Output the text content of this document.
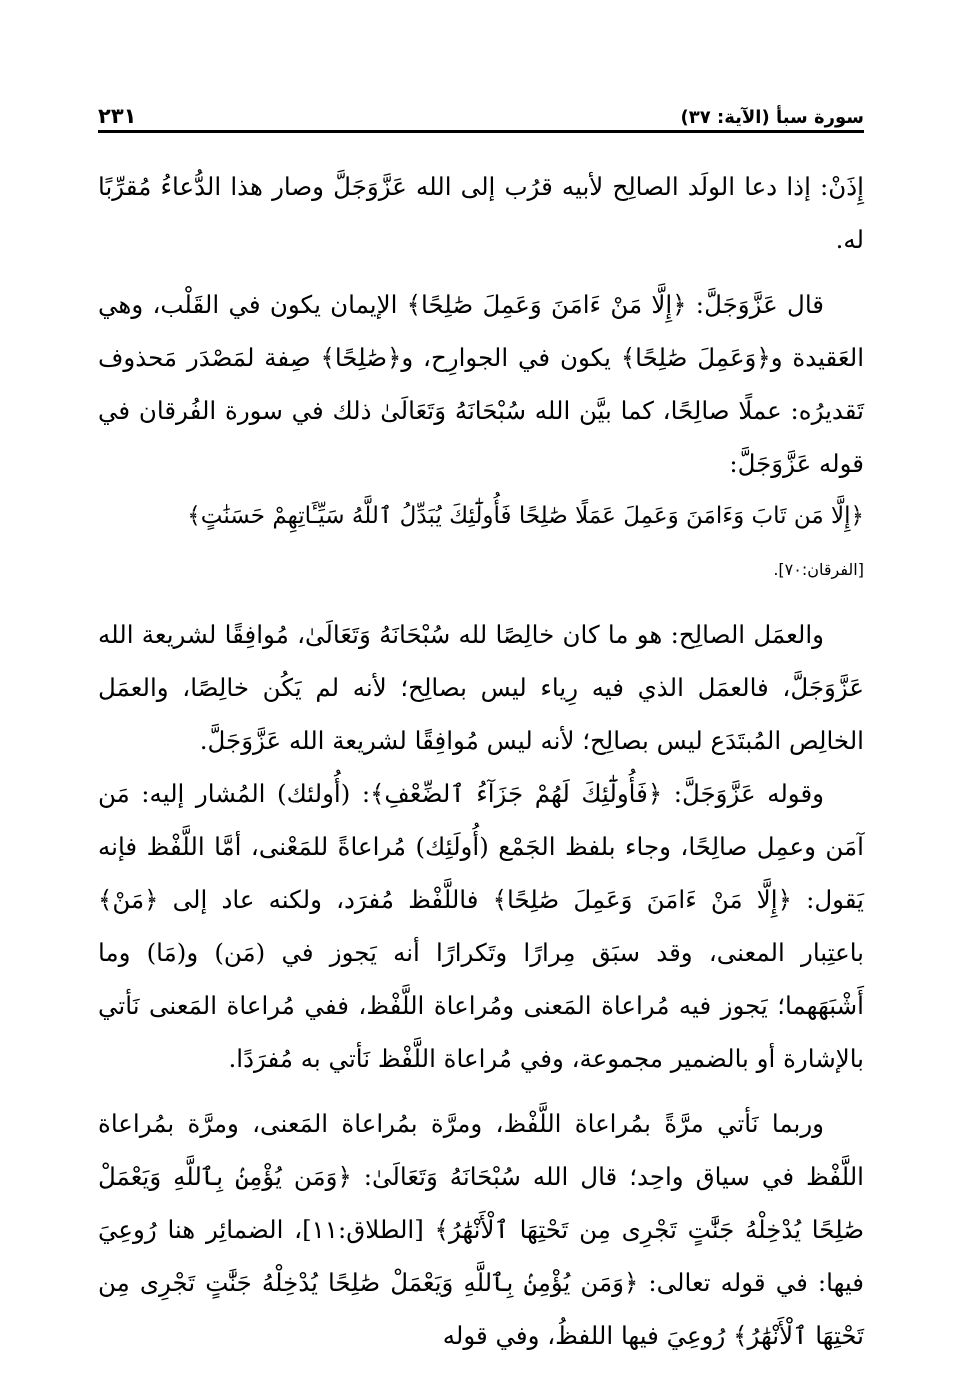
سورة سبأ (الآية: ٣٧)
٢٣١

إِذَنْ: إذا دعا الولَد الصالِح لأبيه قرُب إلى الله عَزَّوَجَلَّ وصار هذا الدُّعاءُ مُقرِّبًا له.

قال عَزَّوَجَلَّ: ﴿إِلَّا مَنْ ءَامَنَ وَعَمِلَ صَٰلِحًا﴾ الإيمان يكون في القَلْب، وهي العَقيدة و﴿وَعَمِلَ صَٰلِحًا﴾ يكون في الجوارِح، و﴿صَٰلِحًا﴾ صِفة لمَصْدَر مَحذوف تَقديرُه: عملًا صالِحًا، كما بيَّن الله سُبْحَانَهُ وَتَعَالَىٰ ذلك في سورة الفُرقان في قوله عَزَّوَجَلَّ:

﴿إِلَّا مَن تَابَ وَءَامَنَ وَعَمِلَ عَمَلًا صَٰلِحًا فَأُولَٰٓئِكَ يُبَدِّلُ ٱللَّهُ سَيِّـَٔاتِهِمْ حَسَنَٰتٍ﴾

[الفرقان:٧٠].

والعمَل الصالِح: هو ما كان خالِصًا لله سُبْحَانَهُ وَتَعَالَىٰ، مُوافِقًا لشريعة الله عَزَّوَجَلَّ، فالعمَل الذي فيه رِياء ليس بصالِح؛ لأنه لم يَكُن خالِصًا، والعمَل الخالِص المُبتَدَع ليس بصالِح؛ لأنه ليس مُوافِقًا لشريعة الله عَزَّوَجَلَّ.

وقوله عَزَّوَجَلَّ: ﴿فَأُولَٰٓئِكَ لَهُمْ جَزَآءُ ٱلضِّعْفِ﴾: (أُولئك) المُشار إليه: مَن آمَن وعمِل صالِحًا، وجاء بلفظ الجَمْع (أُولَئِك) مُراعاةً للمَعْنى، أمَّا اللَّفْظ فإنه يَقول: ﴿إِلَّا مَنْ ءَامَنَ وَعَمِلَ صَٰلِحًا﴾ فاللَّفْظ مُفرَد، ولكنه عاد إلى ﴿مَنْ﴾ باعتِبار المعنى، وقد سبَق مِرارًا وتَكرارًا أنه يَجوز في (مَن) و(مَا) وما أَشْبَهَهما؛ يَجوز فيه مُراعاة المَعنى ومُراعاة اللَّفْظ، ففي مُراعاة المَعنى نَأتي بالإشارة أو بالضمير مجموعة، وفي مُراعاة اللَّفْظ نَأتي به مُفرَدًا.

وربما نَأتي مرَّةً بمُراعاة اللَّفْظ، ومرَّة بمُراعاة المَعنى، ومرَّة بمُراعاة اللَّفْظ في سياق واحِد؛ قال الله سُبْحَانَهُ وَتَعَالَىٰ: ﴿وَمَن يُؤْمِنۢ بِٱللَّهِ وَيَعْمَلْ صَٰلِحًا يُدْخِلْهُ جَنَّٰتٍ تَجْرِى مِن تَحْتِهَا ٱلْأَنْهَٰرُ﴾ [الطلاق:١١]، الضمائِر هنا رُوعِيَ فيها: في قوله تعالى: ﴿وَمَن يُؤْمِنۢ بِٱللَّهِ وَيَعْمَلْ صَٰلِحًا يُدْخِلْهُ جَنَّٰتٍ تَجْرِى مِن تَحْتِهَا ٱلْأَنْهَٰرُ﴾ رُوعِيَ فيها اللفظُ، وفي قوله
